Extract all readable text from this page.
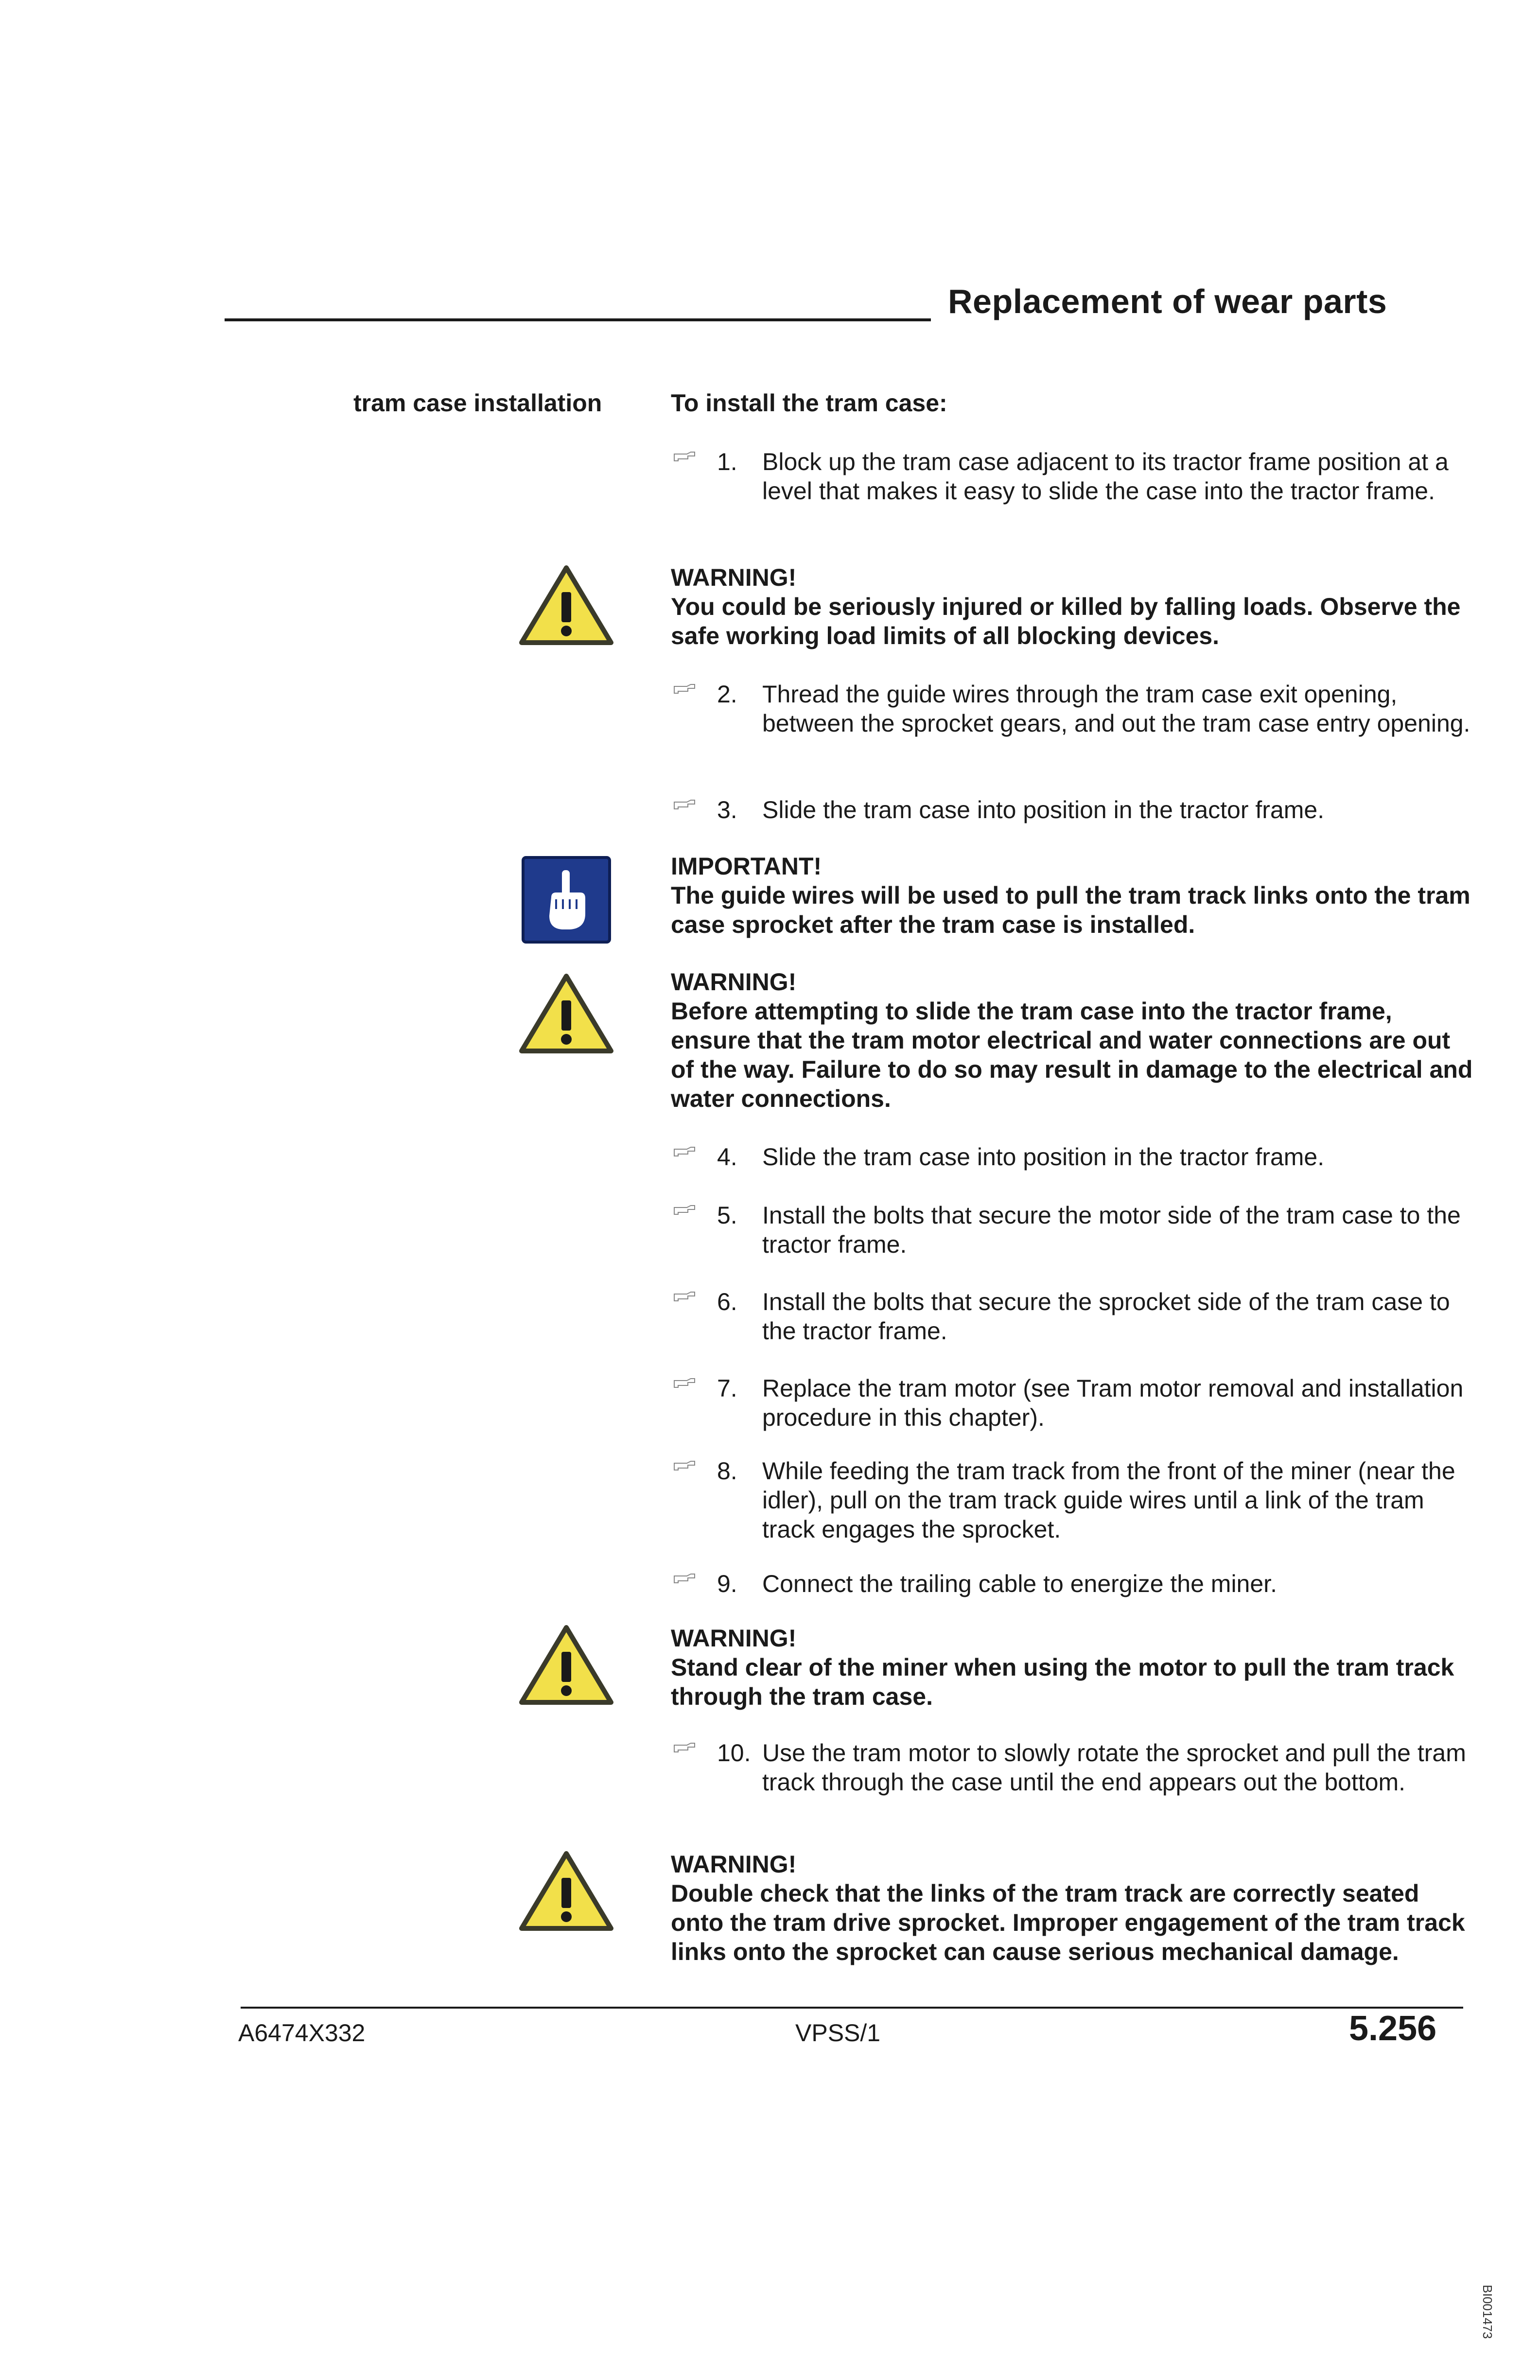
Replacement of wear parts
tram case installation	To install the tram case:
1. Block up the tram case adjacent to its tractor frame position at a level that makes it easy to slide the case into the tractor frame.
WARNING!
You could be seriously injured or killed by falling loads. Observe the safe working load limits of all blocking devices.
2. Thread the guide wires through the tram case exit opening, between the sprocket gears, and out the tram case entry opening.
3. Slide the tram case into position in the tractor frame.
IMPORTANT!
The guide wires will be used to pull the tram track links onto the tram case sprocket after the tram case is installed.
WARNING!
Before attempting to slide the tram case into the tractor frame, ensure that the tram motor electrical and water connections are out of the way. Failure to do so may result in damage to the electrical and water connections.
4. Slide the tram case into position in the tractor frame.
5. Install the bolts that secure the motor side of the tram case to the tractor frame.
6. Install the bolts that secure the sprocket side of the tram case to the tractor frame.
7. Replace the tram motor (see Tram motor removal and installation procedure in this chapter).
8. While feeding the tram track from the front of the miner (near the idler), pull on the tram track guide wires until a link of the tram track engages the sprocket.
9. Connect the trailing cable to energize the miner.
WARNING!
Stand clear of the miner when using the motor to pull the tram track through the tram case.
10. Use the tram motor to slowly rotate the sprocket and pull the tram track through the case until the end appears out the bottom.
WARNING!
Double check that the links of the tram track are correctly seated onto the tram drive sprocket. Improper engagement of the tram track links onto the sprocket can cause serious mechanical damage.
A6474X332	VPSS/1	5.256
BI001473
